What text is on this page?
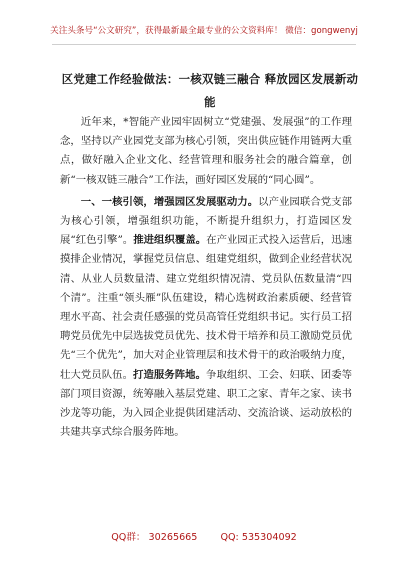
关注头条号“公文研究”，获得最新最全最专业的公文资料库！ 微信：gongwenyj
区党建工作经验做法：一核双链三融合 释放园区发展新动能

近年来，*智能产业园牢固树立“党建强、发展强”的工作理念，坚持以产业园党支部为核心引领，突出供应链作用链两大重点，做好融入企业文化、经营管理和服务社会的融合篇章，创新“一核双链三融合”工作法，画好园区发展的“同心圆”。

一、一核引领，增强园区发展驱动力。以产业园联合党支部为核心引领，增强组织功能，不断提升组织力，打造园区发展“红色引擎”。推进组织覆盖。在产业园正式投入运营后，迅速摸排企业情况，掌握党员信息、组建党组织，做到企业经营状况清、从业人员数量清、建立党组织情况清、党员队伍数量清“四个清”。注重“领头雁”队伍建设，精心选树政治素质硬、经营管理水平高、社会责任感强的党员高管任党组织书记。实行员工招聘党员优先中层选拔党员优先、技术骨干培养和员工激励党员优先“三个优先”，加大对企业管理层和技术骨干的政治吸纳力度，壮大党员队伍。打造服务阵地。争取组织、工会、妇联、团委等部门项目资源，统筹融入基层党建、职工之家、青年之家、读书沙龙等功能，为入园企业提供团建活动、交流洽谈、运动放松的共建共享式综合服务阵地。

QQ群： 30265665 QQ: 535304092
